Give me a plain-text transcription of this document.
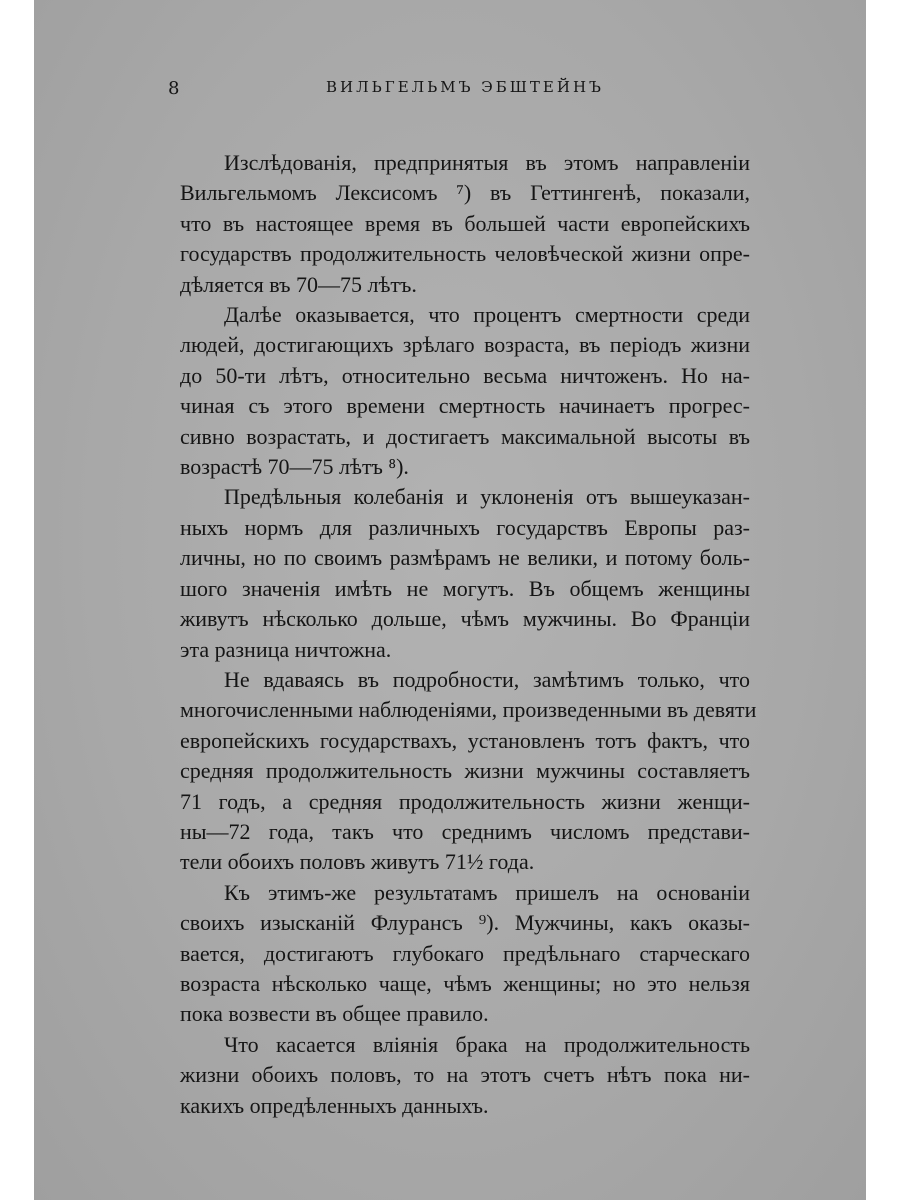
8	ВИЛЬГЕЛЬМЪ ЭБШТЕЙНЪ

Изслѣдованія, предпринятыя въ этомъ направленіи
Вильгельмомъ Лексисомъ ⁷) въ Геттингенѣ, показали,
что въ настоящее время въ большей части европейскихъ
государствъ продолжительность человѣческой жизни опре-
дѣляется въ 70—75 лѣтъ.

Далѣе оказывается, что процентъ смертности среди
людей, достигающихъ зрѣлаго возраста, въ періодъ жизни
до 50-ти лѣтъ, относительно весьма ничтоженъ. Но на-
чиная съ этого времени смертность начинаетъ прогрес-
сивно возрастать, и достигаетъ максимальной высоты въ
возрастѣ 70—75 лѣтъ ⁸).

Предѣльныя колебанія и уклоненія отъ вышеуказан-
ныхъ нормъ для различныхъ государствъ Европы раз-
личны, но по своимъ размѣрамъ не велики, и потому боль-
шого значенія имѣть не могутъ. Въ общемъ женщины
живутъ нѣсколько дольше, чѣмъ мужчины. Во Франціи
эта разница ничтожна.

Не вдаваясь въ подробности, замѣтимъ только, что
многочисленными наблюденіями, произведенными въ девяти
европейскихъ государствахъ, установленъ тотъ фактъ, что
средняя продолжительность жизни мужчины составляетъ
71 годъ, а средняя продолжительность жизни женщи-
ны—72 года, такъ что среднимъ числомъ представи-
тели обоихъ половъ живутъ 71½ года.

Къ этимъ-же результатамъ пришелъ на основаніи
своихъ изысканій Флурансъ ⁹). Мужчины, какъ оказы-
вается, достигаютъ глубокаго предѣльнаго старческаго
возраста нѣсколько чаще, чѣмъ женщины; но это нельзя
пока возвести въ общее правило.

Что касается вліянія брака на продолжительность
жизни обоихъ половъ, то на этотъ счетъ нѣтъ пока ни-
какихъ опредѣленныхъ данныхъ.
